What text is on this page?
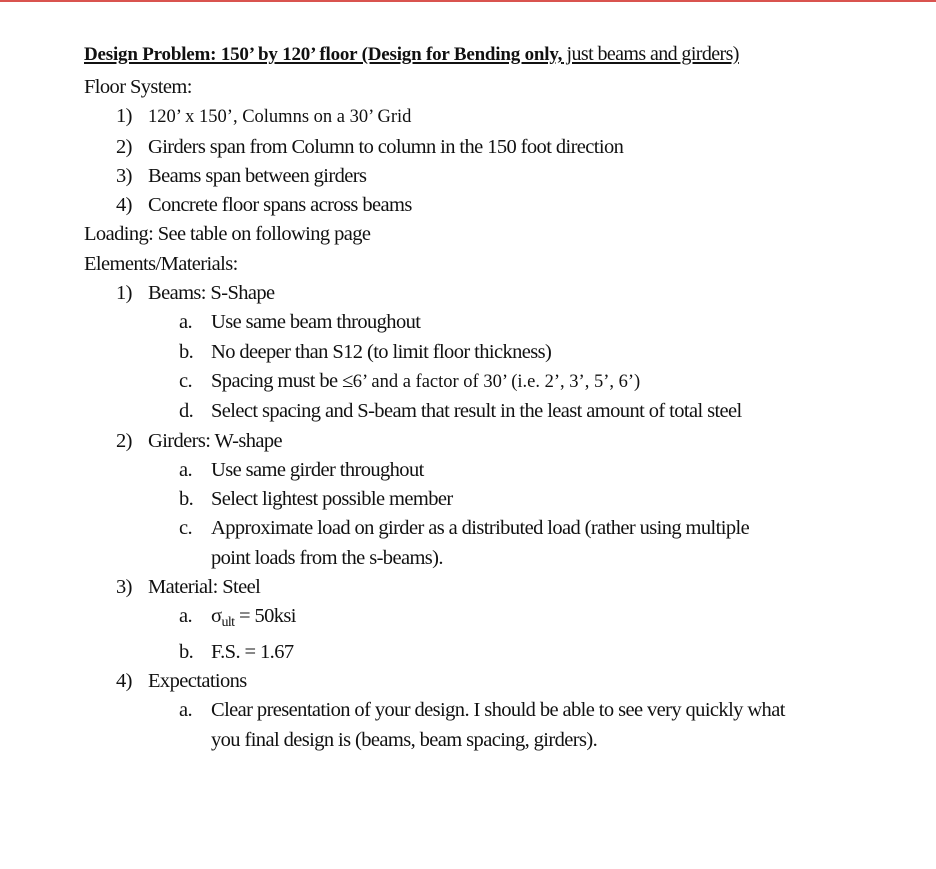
Design Problem: 150’ by 120’ floor (Design for Bending only, just beams and girders)

Floor System:
1) 120’ x 150’, Columns on a 30’ Grid
2) Girders span from Column to column in the 150 foot direction
3) Beams span between girders
4) Concrete floor spans across beams
Loading: See table on following page
Elements/Materials:
1) Beams: S-Shape
a. Use same beam throughout
b. No deeper than S12 (to limit floor thickness)
c. Spacing must be ≤6’ and a factor of 30’ (i.e. 2’, 3’, 5’, 6’)
d. Select spacing and S-beam that result in the least amount of total steel
2) Girders: W-shape
a. Use same girder throughout
b. Select lightest possible member
c. Approximate load on girder as a distributed load (rather using multiple point loads from the s-beams).
3) Material: Steel
a. $\sigma_{ult} = 50ksi$
b. F.S. = 1.67
4) Expectations
a. Clear presentation of your design. I should be able to see very quickly what you final design is (beams, beam spacing, girders).
